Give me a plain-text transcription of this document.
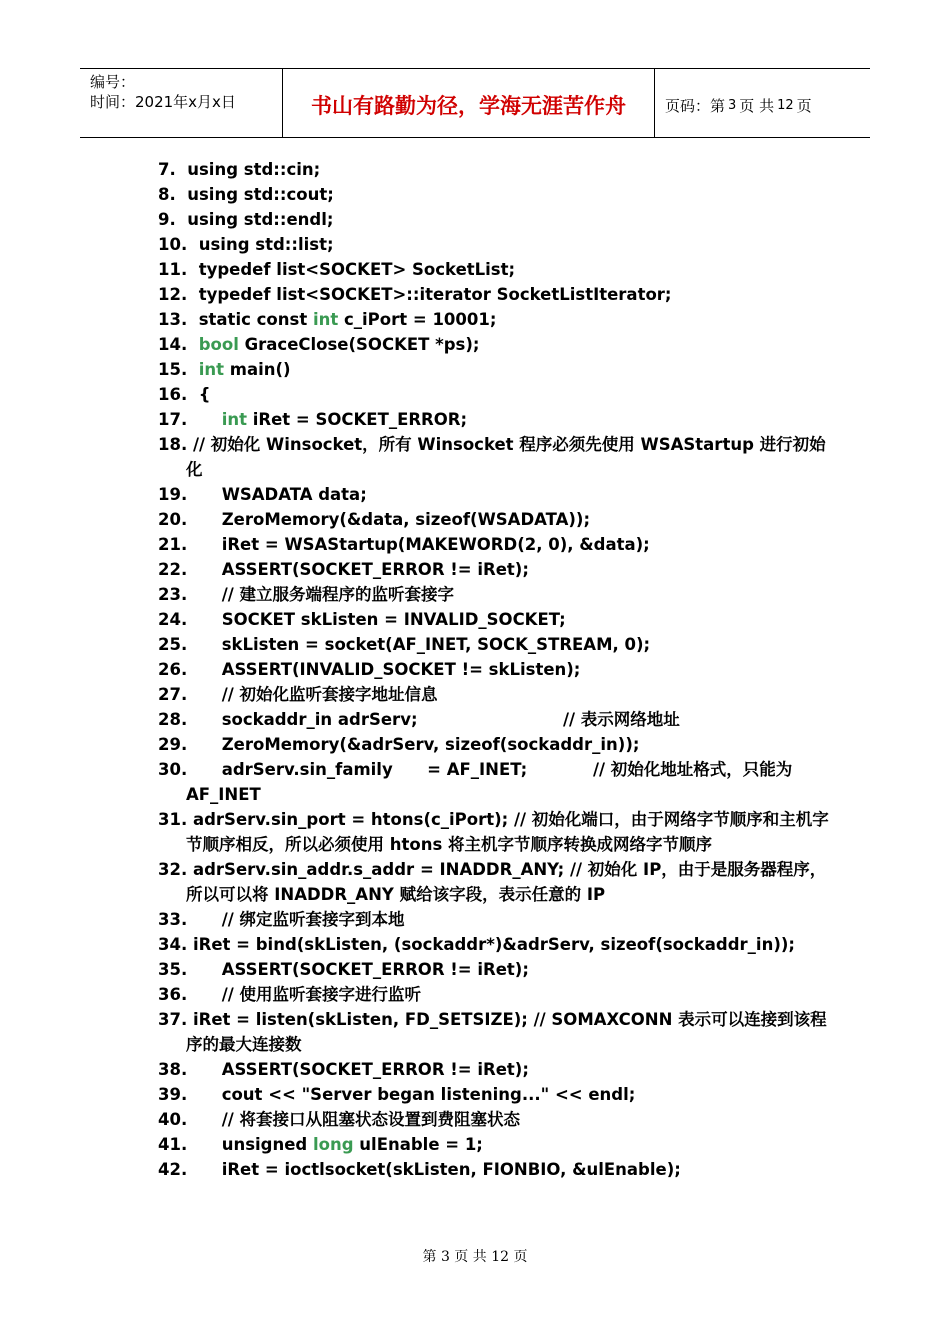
编号：
时间：2021年x月x日	书山有路勤为径，学海无涯苦作舟	页码：第 3 页 共 12 页
7.  using std::cin;
8.  using std::cout;
9.  using std::endl;
10.  using std::list;
11.  typedef list<SOCKET> SocketList;
12.  typedef list<SOCKET>::iterator SocketListIterator;
13.  static const int c_iPort = 10001;
14.  bool GraceClose(SOCKET *ps);
15.  int main()
16.  {
17.      int iRet = SOCKET_ERROR;
18. // 初始化 Winsocket，所有 Winsocket 程序必须先使用 WSAStartup 进行初始化
19.      WSADATA data;
20.      ZeroMemory(&data, sizeof(WSADATA));
21.      iRet = WSAStartup(MAKEWORD(2, 0), &data);
22.      ASSERT(SOCKET_ERROR != iRet);
23.      // 建立服务端程序的监听套接字
24.      SOCKET skListen = INVALID_SOCKET;
25.      skListen = socket(AF_INET, SOCK_STREAM, 0);
26.      ASSERT(INVALID_SOCKET != skListen);
27.      // 初始化监听套接字地址信息
28.      sockaddr_in adrServ;	// 表示网络地址
29.      ZeroMemory(&adrServ, sizeof(sockaddr_in));
30.      adrServ.sin_family      = AF_INET;	// 初始化地址格式，只能为
AF_INET
31. adrServ.sin_port = htons(c_iPort); // 初始化端口，由于网络字节顺序和主机字节顺序相反，所以必须使用 htons 将主机字节顺序转换成网络字节顺序
32. adrServ.sin_addr.s_addr = INADDR_ANY; // 初始化 IP，由于是服务器程序，所以可以将 INADDR_ANY 赋给该字段，表示任意的 IP
33.      // 绑定监听套接字到本地
34. iRet = bind(skListen, (sockaddr*)&adrServ, sizeof(sockaddr_in));
35.      ASSERT(SOCKET_ERROR != iRet);
36.      // 使用监听套接字进行监听
37. iRet = listen(skListen, FD_SETSIZE); // SOMAXCONN 表示可以连接到该程序的最大连接数
38.      ASSERT(SOCKET_ERROR != iRet);
39.      cout << "Server began listening..." << endl;
40.      // 将套接口从阻塞状态设置到费阻塞状态
41.      unsigned long ulEnable = 1;
42.      iRet = ioctlsocket(skListen, FIONBIO, &ulEnable);
第 3 页 共 12 页
